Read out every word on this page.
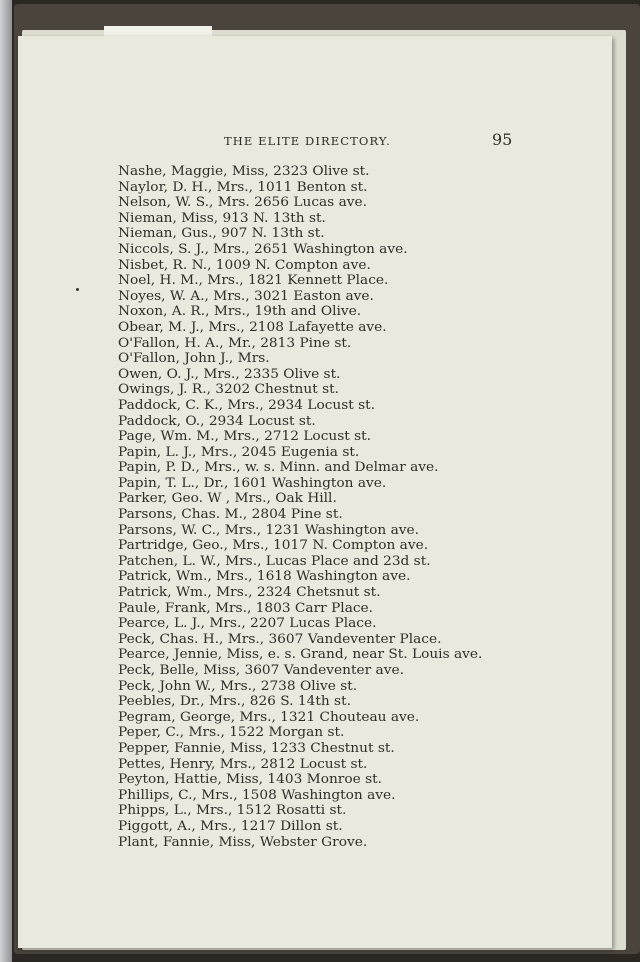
THE ELITE DIRECTORY.	95
Nashe, Maggie, Miss, 2323 Olive st.
Naylor, D. H., Mrs., 1011 Benton st.
Nelson, W. S., Mrs. 2656 Lucas ave.
Nieman, Miss, 913 N. 13th st.
Nieman, Gus., 907 N. 13th st.
Niccols, S. J., Mrs., 2651 Washington ave.
Nisbet, R. N., 1009 N. Compton ave.
Noel, H. M., Mrs., 1821 Kennett Place.
Noyes, W. A., Mrs., 3021 Easton ave.
Noxon, A. R., Mrs., 19th and Olive.
Obear, M. J., Mrs., 2108 Lafayette ave.
O'Fallon, H. A., Mr., 2813 Pine st.
O'Fallon, John J., Mrs.
Owen, O. J., Mrs., 2335 Olive st.
Owings, J. R., 3202 Chestnut st.
Paddock, C. K., Mrs., 2934 Locust st.
Paddock, O., 2934 Locust st.
Page, Wm. M., Mrs., 2712 Locust st.
Papin, L. J., Mrs., 2045 Eugenia st.
Papin, P. D., Mrs., w. s. Minn. and Delmar ave.
Papin, T. L., Dr., 1601 Washington ave.
Parker, Geo. W , Mrs., Oak Hill.
Parsons, Chas. M., 2804 Pine st.
Parsons, W. C., Mrs., 1231 Washington ave.
Partridge, Geo., Mrs., 1017 N. Compton ave.
Patchen, L. W., Mrs., Lucas Place and 23d st.
Patrick, Wm., Mrs., 1618 Washington ave.
Patrick, Wm., Mrs., 2324 Chetsnut st.
Paule, Frank, Mrs., 1803 Carr Place.
Pearce, L. J., Mrs., 2207 Lucas Place.
Peck, Chas. H., Mrs., 3607 Vandeventer Place.
Pearce, Jennie, Miss, e. s. Grand, near St. Louis ave.
Peck, Belle, Miss, 3607 Vandeventer ave.
Peck, John W., Mrs., 2738 Olive st.
Peebles, Dr., Mrs., 826 S. 14th st.
Pegram, George, Mrs., 1321 Chouteau ave.
Peper, C., Mrs., 1522 Morgan st.
Pepper, Fannie, Miss, 1233 Chestnut st.
Pettes, Henry, Mrs., 2812 Locust st.
Peyton, Hattie, Miss, 1403 Monroe st.
Phillips, C., Mrs., 1508 Washington ave.
Phipps, L., Mrs., 1512 Rosatti st.
Piggott, A., Mrs., 1217 Dillon st.
Plant, Fannie, Miss, Webster Grove.
